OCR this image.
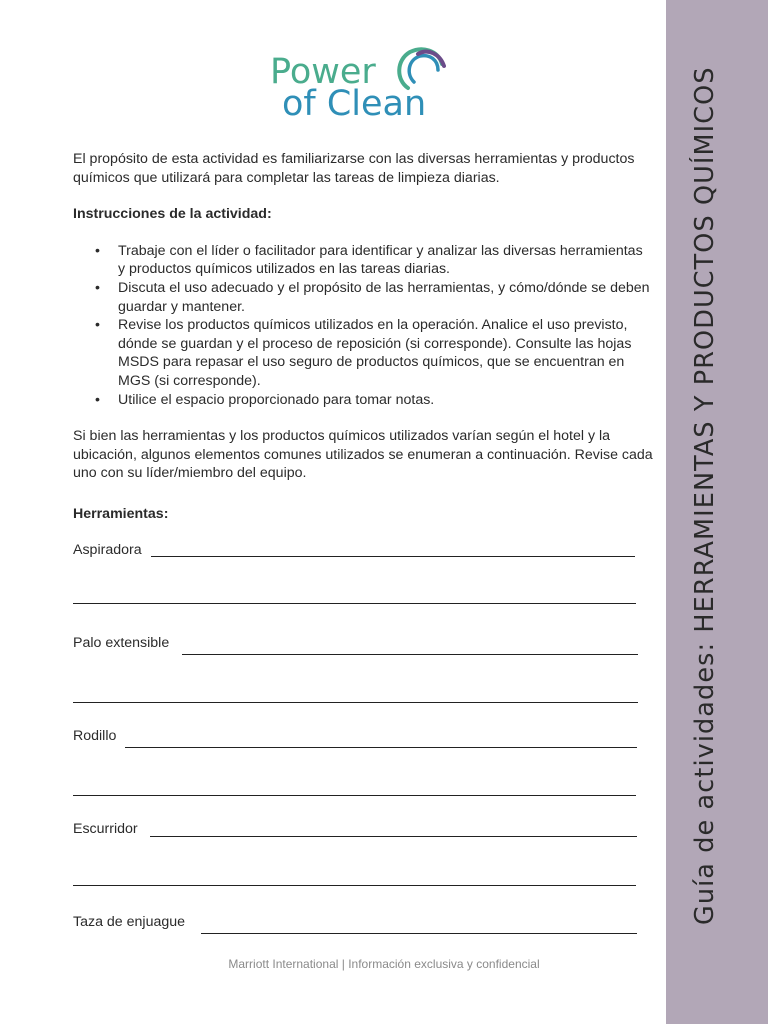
Guía de actividades: HERRAMIENTAS Y PRODUCTOS QUÍMICOS
Power
of Clean

El propósito de esta actividad es familiarizarse con las diversas herramientas y productos químicos que utilizará para completar las tareas de limpieza diarias.

Instrucciones de la actividad:

• Trabaje con el líder o facilitador para identificar y analizar las diversas herramientas y productos químicos utilizados en las tareas diarias.
• Discuta el uso adecuado y el propósito de las herramientas, y cómo/dónde se deben guardar y mantener.
• Revise los productos químicos utilizados en la operación. Analice el uso previsto, dónde se guardan y el proceso de reposición (si corresponde). Consulte las hojas MSDS para repasar el uso seguro de productos químicos, que se encuentran en MGS (si corresponde).
• Utilice el espacio proporcionado para tomar notas.

Si bien las herramientas y los productos químicos utilizados varían según el hotel y la ubicación, algunos elementos comunes utilizados se enumeran a continuación. Revise cada uno con su líder/miembro del equipo.

Herramientas:
Aspiradora
Palo extensible
Rodillo
Escurridor
Taza de enjuague
Marriott International | Información exclusiva y confidencial
